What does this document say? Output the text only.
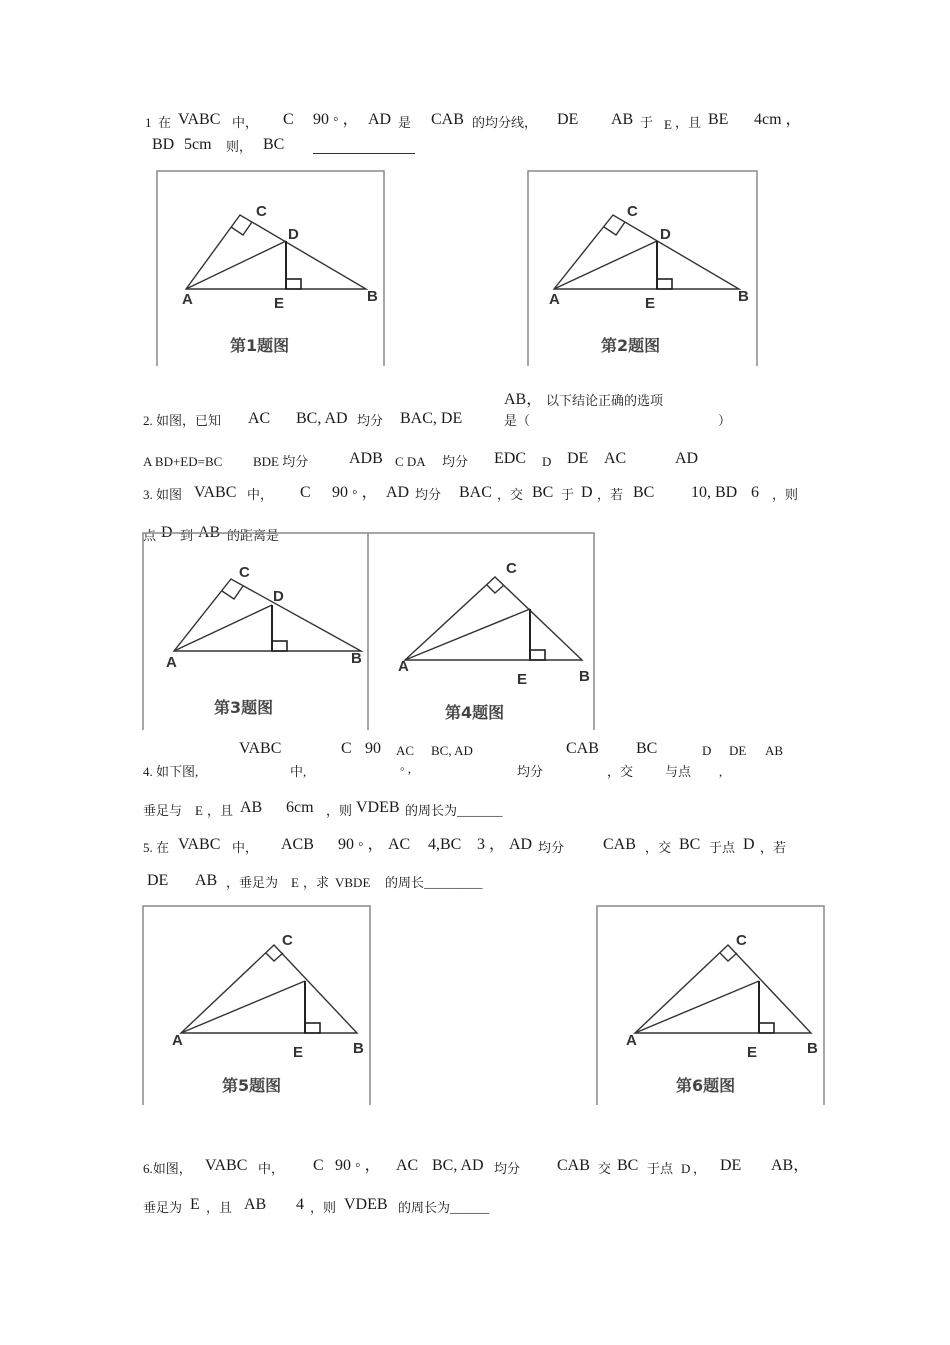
1 在 VABC 中， C 90 ◦ ， AD 是 CAB 的均分线， DE AB 于 E ，且 BE 4cm ，
BD 5cm 则， BC
A	B
C
D
E
第1题图
A	B
C
D
E
第2题图
AB， 以下结论正确的选项
2. 如图，已知 AC BC, AD 均分 BAC, DE	是（	）
A BD+ED=BC BDE 均分	ADB C DA 均分 EDC D DE AC	AD
3. 如图 VABC 中， C 90 ◦ ， AD 均分 BAC ，交 BC 于 D ，若 BC 10, BD 6 ，则
点 D 到 AB 的距离是
A	B
C
D
第3题图
A
B
C
E
第4题图
VABC	C 90 AC BC, AD	CAB BC	D DE AB
4. 如下图,	中,	◦ ,	均分	，交 与点 ,
垂足与 E ，且 AB 6cm ，则 VDEB 的周长为_______
5. 在 VABC 中， ACB 90 ◦ ， AC 4,BC 3 ， AD 均分 CAB ，交 BC 于点 D ，若
DE AB ，垂足为 E ，求 VBDE 的周长_________
A	B
C
E
第5题图
A	B
C
E
第6题图
6.如图， VABC 中， C 90 ◦ ， AC BC, AD 均分 CAB 交 BC 于点 D ， DE AB，
垂足为 E ，且 AB 4 ，则 VDEB 的周长为______
